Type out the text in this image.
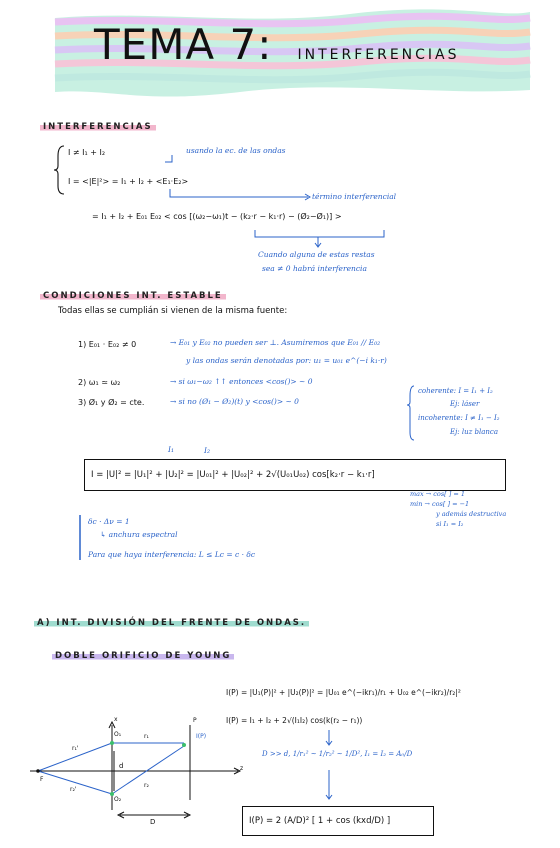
TEMA 7: INTERFERENCIAS
INTERFERENCIAS
I ≠ I₁ + I₂	usando la ec. de las ondas
I = <|E|²> = I₁ + I₂ + <E₁·E₂>
término interferencial
= I₁ + I₂ + E₀₁ E₀₂ < cos [(ω₂−ω₁)t − (k₂·r − k₁·r) − (Ø₂−Ø₁)] >
Cuando alguna de estas restas
sea ≠ 0 habrá interferencia
CONDICIONES INT. ESTABLE
Todas ellas se cumplián si vienen de la misma fuente:
1) E₀₁ · E₀₂ ≠ 0	→ E₀₁ y E₀₂ no pueden ser ⊥. Asumiremos que E₀₁ // E₀₂
y las ondas serán denotadas por: u₁ = u₀₁ e^(−i k₁·r)
2) ω₁ ≃ ω₂	→ si ω₁−ω₂ ↑↑ entonces <cos()> ~ 0
3) Ø₁ y Ø₂ = cte.	→ si no (Ø₁ − Ø₂)(t) y <cos()> ~ 0
coherente: I = I₁ + I₂
Ej: láser
incoherente: I ≠ I₁ − I₂
Ej: luz blanca
I₁	I₂
I = |U|² = |U₁|² + |U₂|² = |U₀₁|² + |U₀₂|² + 2√(U₀₁U₀₂) cos[k₂·r − k₁·r]
max → cos[ ] = 1
min → cos[ ] = −1
y además destructiva
si I₁ = I₂
δc · Δν = 1
↳ anchura espectral
Para que haya interferencia: L ≤ Lc = c · δc
A) INT. DIVISIÓN DEL FRENTE DE ONDAS.
DOBLE ORIFICIO DE YOUNG
I(P) = |U₁(P)|² + |U₂(P)|² = |U₀₁ e^(−ikr₁)/r₁ + U₀₂ e^(−ikr₂)/r₂|²
I(P) = I₁ + I₂ + 2√(I₁I₂) cos(k(r₂ − r₁))
D >> d, 1/r₁² ~ 1/r₂² ~ 1/D², I₁ = I₂ = A₀/D
I(P) = 2 (A/D)² [ 1 + cos (kxd/D) ]
x
z
P
F
O₁
O₂
r₁'
r₂'
r₁
r₂
d
D
I(P)
